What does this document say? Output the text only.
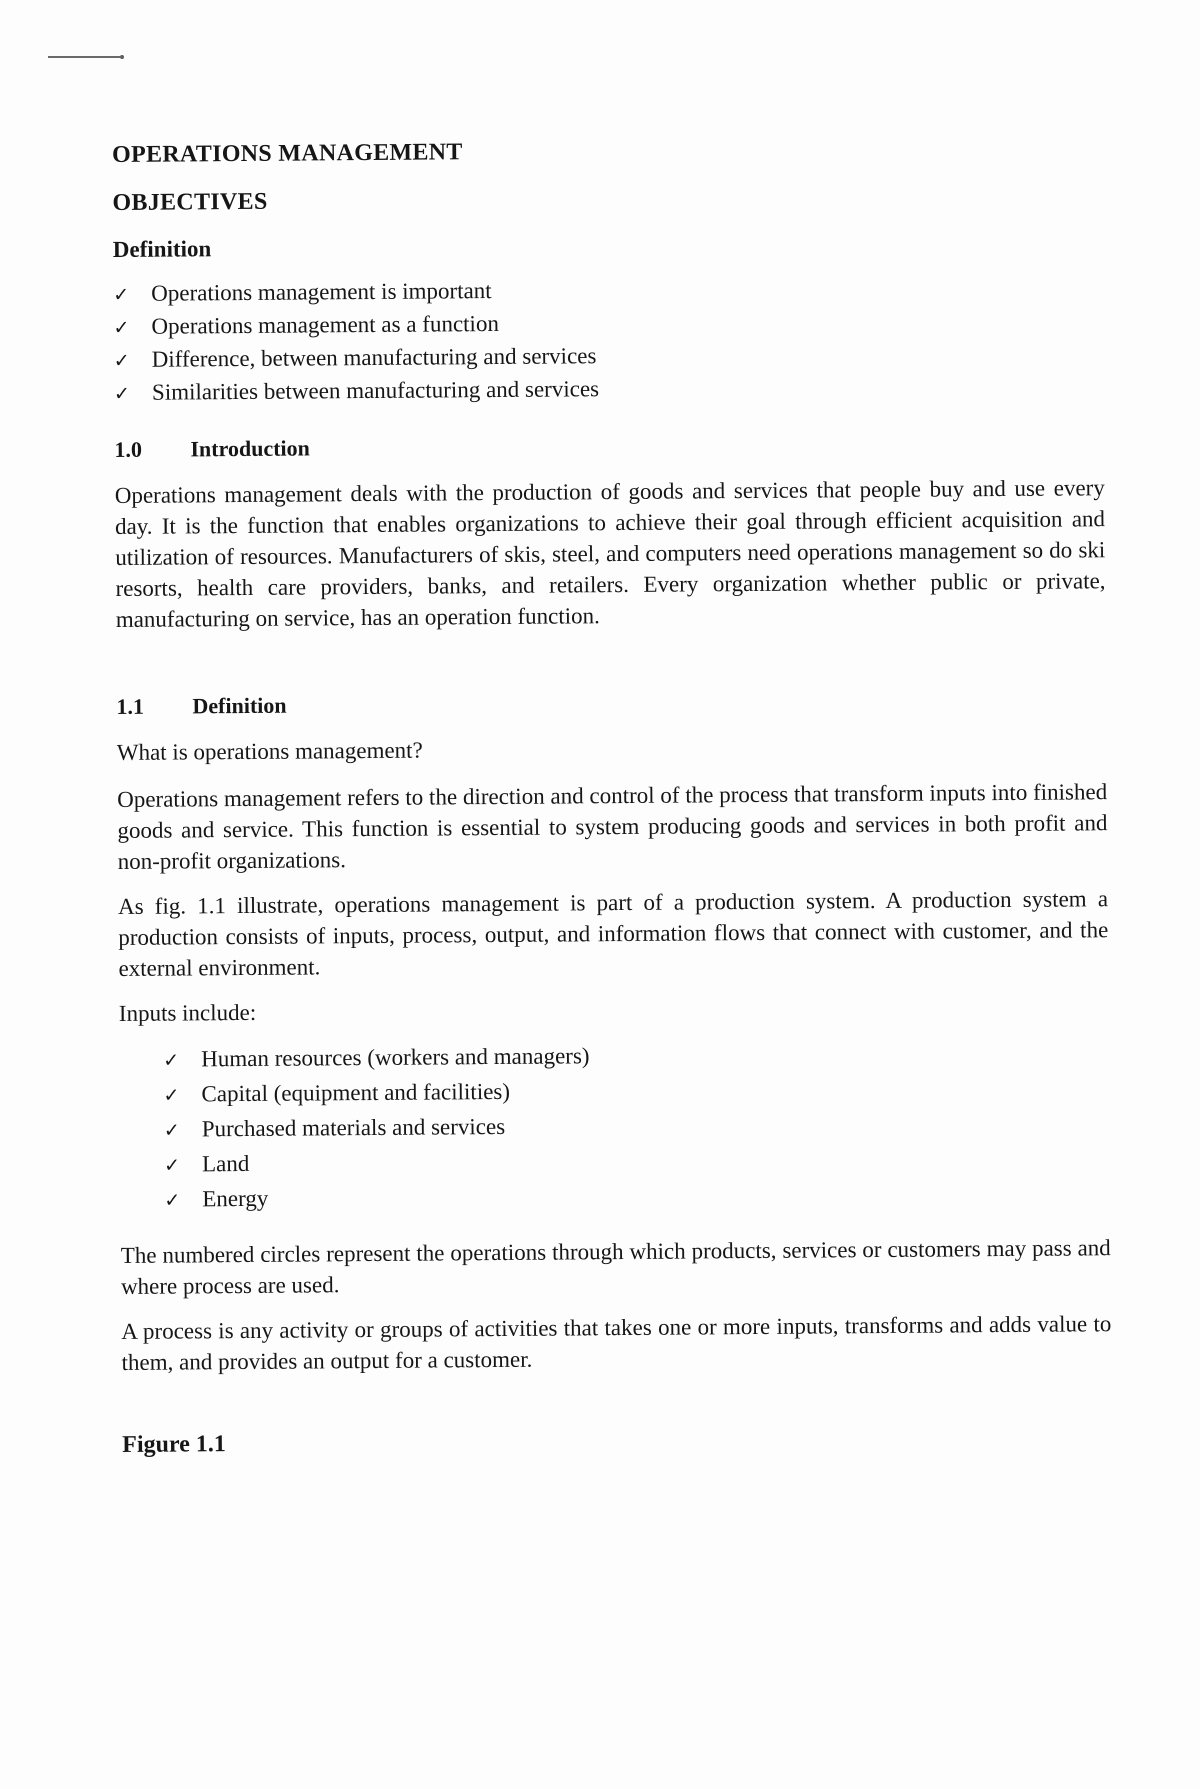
OPERATIONS MANAGEMENT
OBJECTIVES
Definition
✓ Operations management is important
✓ Operations management as a function
✓ Difference, between manufacturing and services
✓ Similarities between manufacturing and services
1.0	Introduction

Operations management deals with the production of goods and services that people buy and use every day. It is the function that enables organizations to achieve their goal through efficient acquisition and utilization of resources. Manufacturers of skis, steel, and computers need operations management so do ski resorts, health care providers, banks, and retailers. Every organization whether public or private, manufacturing on service, has an operation function.

1.1	Definition

What is operations management?

Operations management refers to the direction and control of the process that transform inputs into finished goods and service. This function is essential to system producing goods and services in both profit and non-profit organizations.

As fig. 1.1 illustrate, operations management is part of a production system. A production system a production consists of inputs, process, output, and information flows that connect with customer, and the external environment.

Inputs include:

✓ Human resources (workers and managers)
✓ Capital (equipment and facilities)
✓ Purchased materials and services
✓ Land
✓ Energy

The numbered circles represent the operations through which products, services or customers may pass and where process are used.

A process is any activity or groups of activities that takes one or more inputs, transforms and adds value to them, and provides an output for a customer.

Figure 1.1
